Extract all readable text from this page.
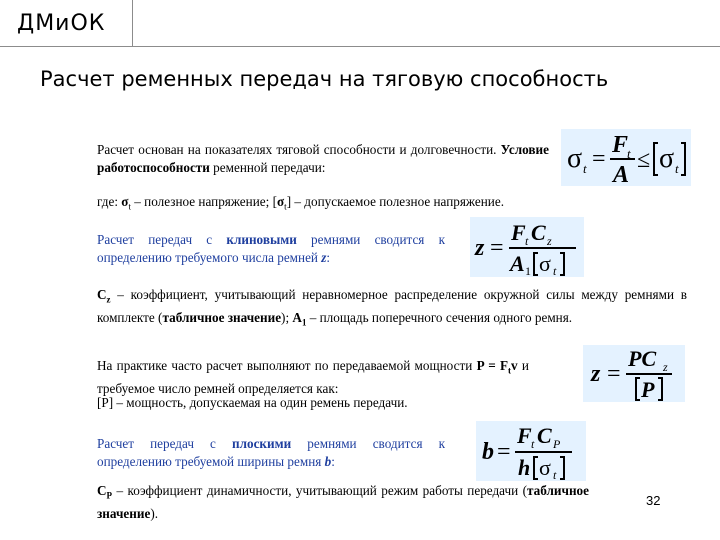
ДМиОК
Расчет ременных передач на тяговую способность
Расчет основан на показателях тяговой способности и долговечности. Условие работоспособности ременной передачи:	σ t =
F
t
A
≤ σ t
где: $\sigma_t$ – полезное напряжение; $[\sigma_t]$ – допускаемое полезное напряжение.
Расчет передач с клиновыми ремнями сводится к определению требуемого числа ремней z:	z =
F t C z
A 1 σ t
$C_z$ – коэффициент, учитывающий неравномерное распределение окружной силы между ремнями в комплекте (табличное значение); $A_1$ – площадь поперечного сечения одного ремня.
На практике часто расчет выполняют по передаваемой мощности $P = F_tv$ и требуемое число ремней определяется как:
[P] – мощность, допускаемая на один ремень передачи.
z =
PC z
P
Расчет передач с плоскими ремнями сводится к определению требуемой ширины ремня b:	b =
F t C P
h σ t
$C_P$ – коэффициент динамичности, учитывающий режим работы передачи (табличное значение).
32
